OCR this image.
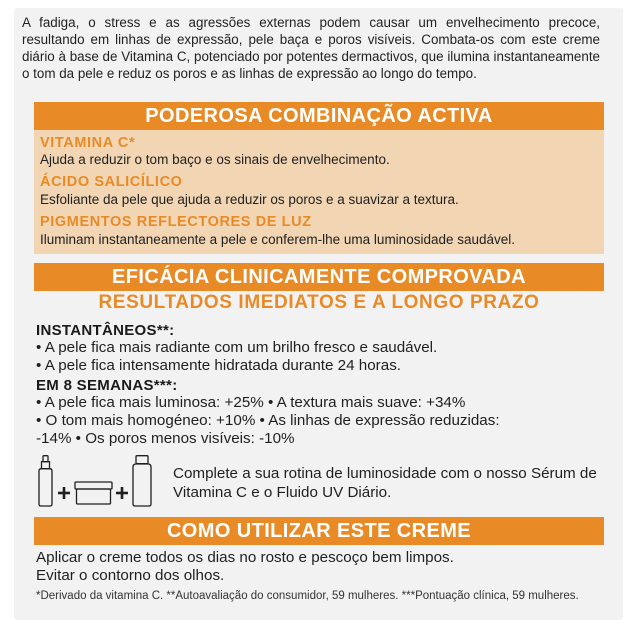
A fadiga, o stress e as agressões externas podem causar um envelhecimento precoce, resultando em linhas de expressão, pele baça e poros visíveis. Combata-os com este creme diário à base de Vitamina C, potenciado por potentes dermactivos, que ilumina instantaneamente o tom da pele e reduz os poros e as linhas de expressão ao longo do tempo.
PODEROSA COMBINAÇÃO ACTIVA
VITAMINA C*
Ajuda a reduzir o tom baço e os sinais de envelhecimento.
ÁCIDO SALICÍLICO
Esfoliante da pele que ajuda a reduzir os poros e a suavizar a textura.
PIGMENTOS REFLECTORES DE LUZ
Iluminam instantaneamente a pele e conferem-lhe uma luminosidade saudável.
EFICÁCIA CLINICAMENTE COMPROVADA
RESULTADOS IMEDIATOS E A LONGO PRAZO
INSTANTÂNEOS**:
• A pele fica mais radiante com um brilho fresco e saudável.
• A pele fica intensamente hidratada durante 24 horas.
EM 8 SEMANAS***:
• A pele fica mais luminosa: +25% • A textura mais suave: +34%
• O tom mais homogéneo: +10% • As linhas de expressão reduzidas:
-14% • Os poros menos visíveis: -10%
Complete a sua rotina de luminosidade com o nosso Sérum de Vitamina C e o Fluido UV Diário.
COMO UTILIZAR ESTE CREME
Aplicar o creme todos os dias no rosto e pescoço bem limpos.
Evitar o contorno dos olhos.
*Derivado da vitamina C. **Autoavaliação do consumidor, 59 mulheres. ***Pontuação clínica, 59 mulheres.
